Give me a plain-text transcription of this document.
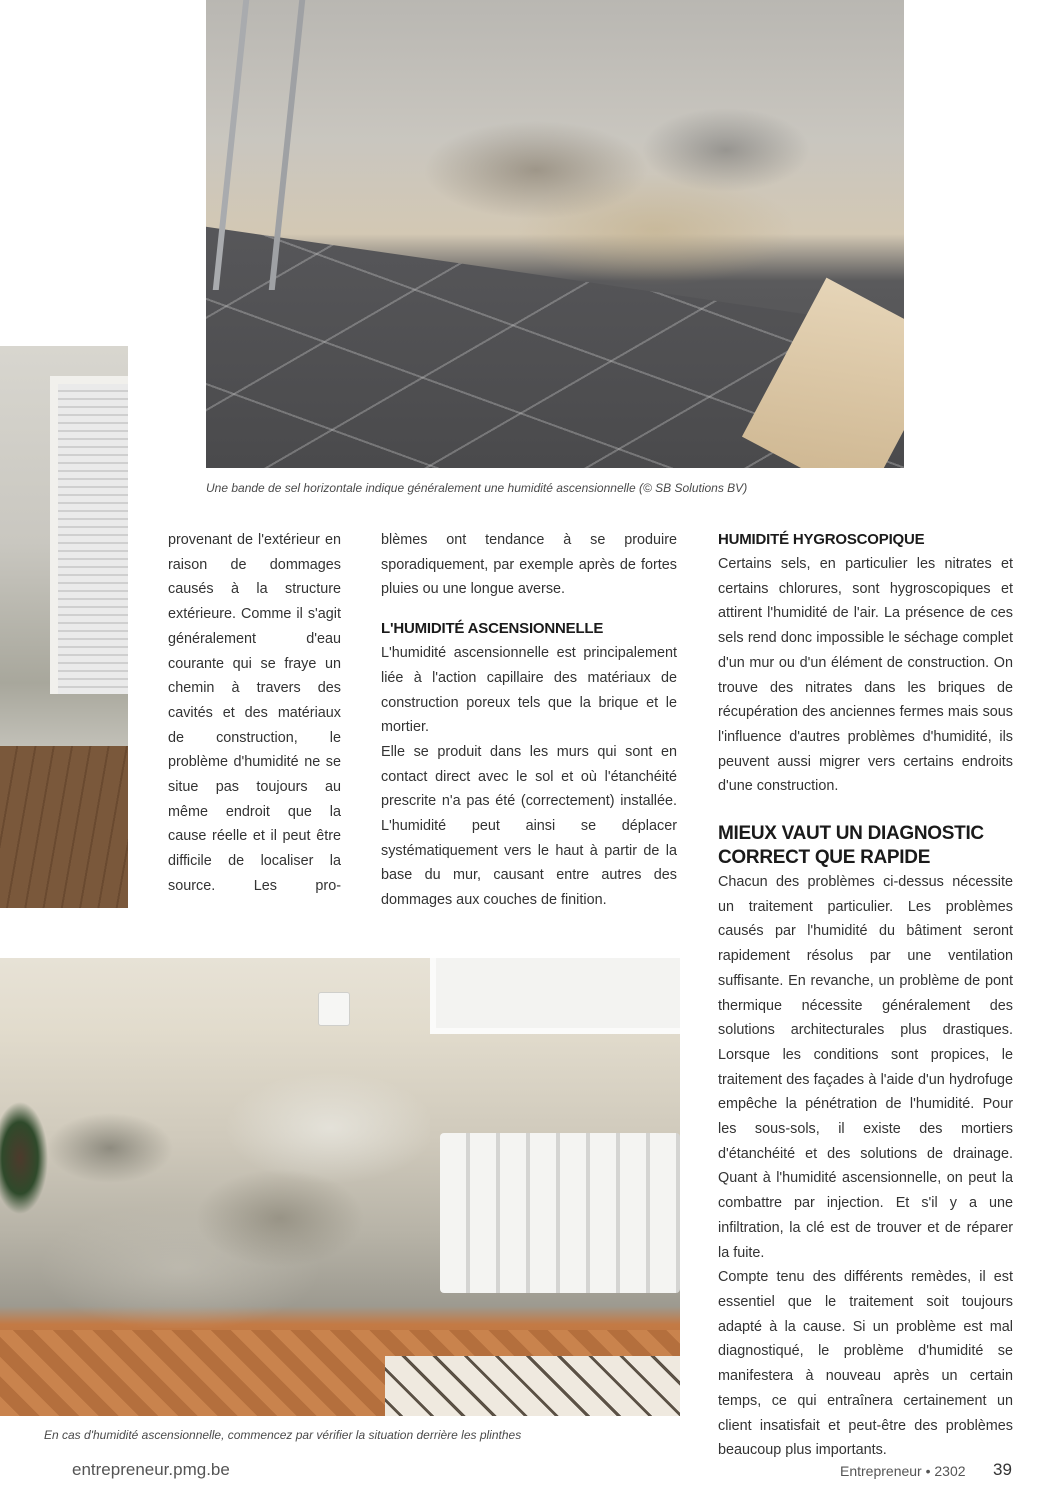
Une bande de sel horizontale indique généralement une humidité ascensionnelle (© SB Solutions BV)

provenant de l'extérieur en raison de dommages causés à la structure extérieure. Comme il s'agit généralement d'eau courante qui se fraye un chemin à travers des cavités et des matériaux de construction, le problème d'humidité ne se situe pas toujours au même endroit que la cause réelle et il peut être difficile de localiser la source. Les pro-

blèmes ont tendance à se produire sporadiquement, par exemple après de fortes pluies ou une longue averse.

L'HUMIDITÉ ASCENSIONNELLE

L'humidité ascensionnelle est principalement liée à l'action capillaire des matériaux de construction poreux tels que la brique et le mortier.

Elle se produit dans les murs qui sont en contact direct avec le sol et où l'étanchéité prescrite n'a pas été (correctement) installée. L'humidité peut ainsi se déplacer systématiquement vers le haut à partir de la base du mur, causant entre autres des dommages aux couches de finition.

En cas d'humidité ascensionnelle, commencez par vérifier la situation derrière les plinthes
HUMIDITÉ HYGROSCOPIQUE

Certains sels, en particulier les nitrates et certains chlorures, sont hygroscopiques et attirent l'humidité de l'air. La présence de ces sels rend donc impossible le séchage complet d'un mur ou d'un élément de construction. On trouve des nitrates dans les briques de récupération des anciennes fermes mais sous l'influence d'autres problèmes d'humidité, ils peuvent aussi migrer vers certains endroits d'une construction.

MIEUX VAUT UN DIAGNOSTIC
CORRECT QUE RAPIDE

Chacun des problèmes ci-dessus nécessite un traitement particulier. Les problèmes causés par l'humidité du bâtiment seront rapidement résolus par une ventilation suffisante. En revanche, un problème de pont thermique nécessite généralement des solutions architecturales plus drastiques. Lorsque les conditions sont propices, le traitement des façades à l'aide d'un hydrofuge empêche la pénétration de l'humidité. Pour les sous-sols, il existe des mortiers d'étanchéité et des solutions de drainage. Quant à l'humidité ascensionnelle, on peut la combattre par injection. Et s'il y a une infiltration, la clé est de trouver et de réparer la fuite.

Compte tenu des différents remèdes, il est essentiel que le traitement soit toujours adapté à la cause. Si un problème est mal diagnostiqué, le problème d'humidité se manifestera à nouveau après un certain temps, ce qui entraînera certainement un client insatisfait et peut-être des problèmes beaucoup plus importants.

entrepreneur.pmg.be	Entrepreneur • 2302 39
